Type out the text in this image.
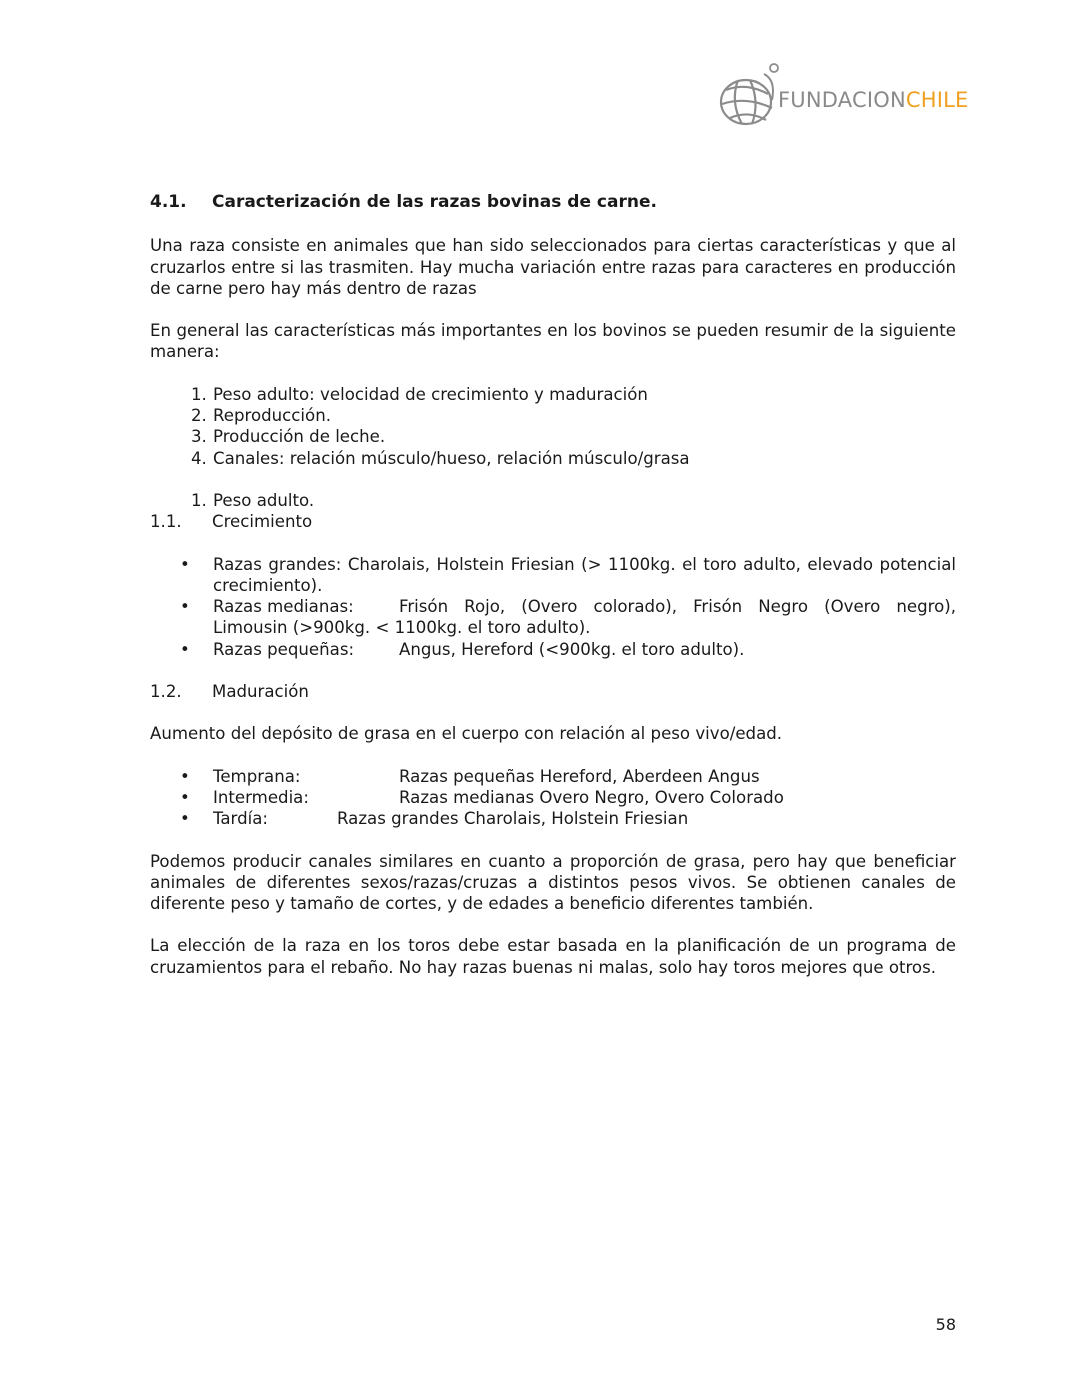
FUNDACIONCHILE
4.1.	Caracterización de las razas bovinas de carne.

Una raza consiste en animales que han sido seleccionados para ciertas características y que al cruzarlos entre si las trasmiten. Hay mucha variación entre razas para caracteres en producción de carne pero hay más dentro de razas

En general las características más importantes en los bovinos se pueden resumir de la siguiente manera:

1. Peso adulto: velocidad de crecimiento y maduración
2. Reproducción.
3. Producción de leche.
4. Canales: relación músculo/hueso, relación músculo/grasa
1. Peso adulto.
1.1.	Crecimiento
•
Razas grandes: Charolais, Holstein Friesian (> 1100kg. el toro adulto, elevado potencial crecimiento).
•
Razas medianas:	Frisón Rojo, (Overo colorado), Frisón Negro (Overo negro), Limousin (>900kg. < 1100kg. el toro adulto).
•
Razas pequeñas:	Angus, Hereford (<900kg. el toro adulto).
1.2.	Maduración

Aumento del depósito de grasa en el cuerpo con relación al peso vivo/edad.

•
Temprana:	Razas pequeñas Hereford, Aberdeen Angus
•
Intermedia:	Razas medianas Overo Negro, Overo Colorado
•
Tardía:	Razas grandes Charolais, Holstein Friesian

Podemos producir canales similares en cuanto a proporción de grasa, pero hay que beneficiar animales de diferentes sexos/razas/cruzas a distintos pesos vivos. Se obtienen canales de diferente peso y tamaño de cortes, y de edades a beneficio diferentes también.

La elección de la raza en los toros debe estar basada en la planificación de un programa de cruzamientos para el rebaño. No hay razas buenas ni malas, solo hay toros mejores que otros.

58
